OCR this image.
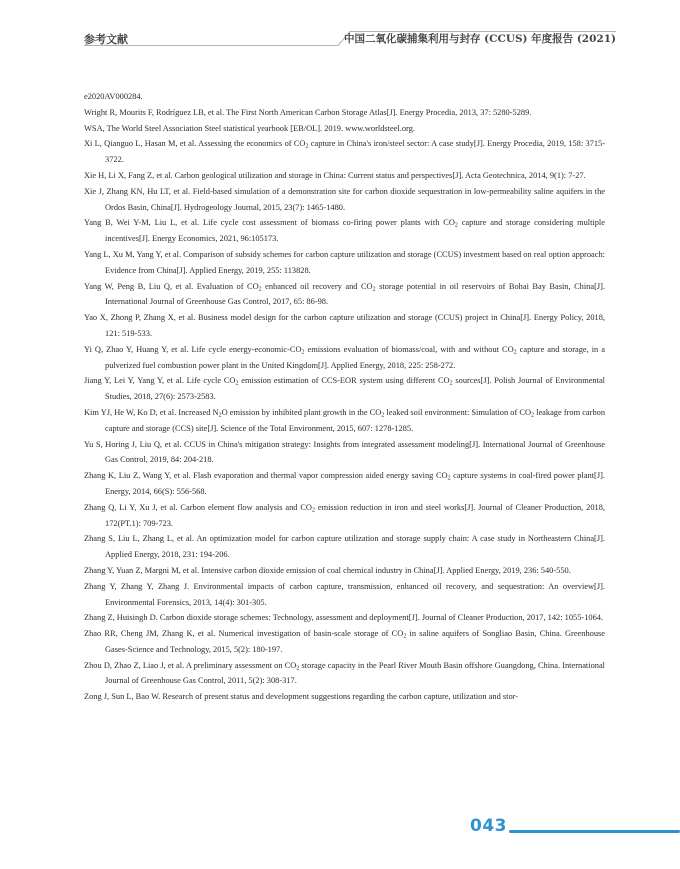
参考文献	中国二氧化碳捕集利用与封存 (CCUS) 年度报告 (2021)

e2020AV000284.

Wright R, Mourits F, Rodríguez LB, et al. The First North American Carbon Storage Atlas[J]. Energy Procedia, 2013, 37: 5280-5289.

WSA, The World Steel Association Steel statistical yearbook [EB/OL]. 2019. www.worldsteel.org.

Xi L, Qianguo L, Hasan M, et al. Assessing the economics of $CO_2$ capture in China's iron/steel sector: A case study[J]. Energy Procedia, 2019, 158: 3715-3722.

Xie H, Li X, Fang Z, et al. Carbon geological utilization and storage in China: Current status and perspectives[J]. Acta Geotechnica, 2014, 9(1): 7-27.

Xie J, Zhang KN, Hu LT, et al. Field-based simulation of a demonstration site for carbon dioxide sequestration in low-permeability saline aquifers in the Ordos Basin, China[J]. Hydrogeology Journal, 2015, 23(7): 1465-1480.

Yang B, Wei Y-M, Liu L, et al. Life cycle cost assessment of biomass co-firing power plants with $CO_2$ capture and storage considering multiple incentives[J]. Energy Economics, 2021, 96:105173.

Yang L, Xu M, Yang Y, et al. Comparison of subsidy schemes for carbon capture utilization and storage (CCUS) investment based on real option approach: Evidence from China[J]. Applied Energy, 2019, 255: 113828.

Yang W, Peng B, Liu Q, et al. Evaluation of $CO_2$ enhanced oil recovery and $CO_2$ storage potential in oil reservoirs of Bohai Bay Basin, China[J]. International Journal of Greenhouse Gas Control, 2017, 65: 86-98.

Yao X, Zhong P, Zhang X, et al. Business model design for the carbon capture utilization and storage (CCUS) project in China[J]. Energy Policy, 2018, 121: 519-533.

Yi Q, Zhao Y, Huang Y, et al. Life cycle energy-$economic-CO_2$ emissions evaluation of biomass/coal, with and without $CO_2$ capture and storage, in a pulverized fuel combustion power plant in the United Kingdom[J]. Applied Energy, 2018, 225: 258-272.

Jiang Y, Lei Y, Yang Y, et al. Life cycle $CO_2$ emission estimation of CCS-EOR system using different $CO_2$ sources[J]. Polish Journal of Environmental Studies, 2018, 27(6): 2573-2583.

Kim YJ, He W, Ko D, et al. Increased $N_2O$ emission by inhibited plant growth in the $CO_2$ leaked soil environment: Simulation of $CO_2$ leakage from carbon capture and storage (CCS) site[J]. Science of the Total Environment, 2015, 607: 1278-1285.

Yu S, Horing J, Liu Q, et al. CCUS in China's mitigation strategy: Insights from integrated assessment modeling[J]. International Journal of Greenhouse Gas Control, 2019, 84: 204-218.

Zhang K, Liu Z, Wang Y, et al. Flash evaporation and thermal vapor compression aided energy saving $CO_2$ capture systems in coal-fired power plant[J]. Energy, 2014, 66(S): 556-568.

Zhang Q, Li Y, Xu J, et al. Carbon element flow analysis and $CO_2$ emission reduction in iron and steel works[J]. Journal of Cleaner Production, 2018, 172(PT.1): 709-723.

Zhang S, Liu L, Zhang L, et al. An optimization model for carbon capture utilization and storage supply chain: A case study in Northeastern China[J]. Applied Energy, 2018, 231: 194-206.

Zhang Y, Yuan Z, Margni M, et al. Intensive carbon dioxide emission of coal chemical industry in China[J]. Applied Energy, 2019, 236: 540-550.

Zhang Y, Zhang Y, Zhang J. Environmental impacts of carbon capture, transmission, enhanced oil recovery, and sequestration: An overview[J]. Environmental Forensics, 2013, 14(4): 301-305.

Zhang Z, Huisingh D. Carbon dioxide storage schemes: Technology, assessment and deployment[J]. Journal of Cleaner Production, 2017, 142: 1055-1064.

Zhao RR, Cheng JM, Zhang K, et al. Numerical investigation of basin-scale storage of $CO_2$ in saline aquifers of Songliao Basin, China. Greenhouse Gases-Science and Technology, 2015, 5(2): 180-197.

Zhou D, Zhao Z, Liao J, et al. A preliminary assessment on $CO_2$ storage capacity in the Pearl River Mouth Basin offshore Guangdong, China. International Journal of Greenhouse Gas Control, 2011, 5(2): 308-317.

Zong J, Sun L, Bao W. Research of present status and development suggestions regarding the carbon capture, utilization and stor-

043
